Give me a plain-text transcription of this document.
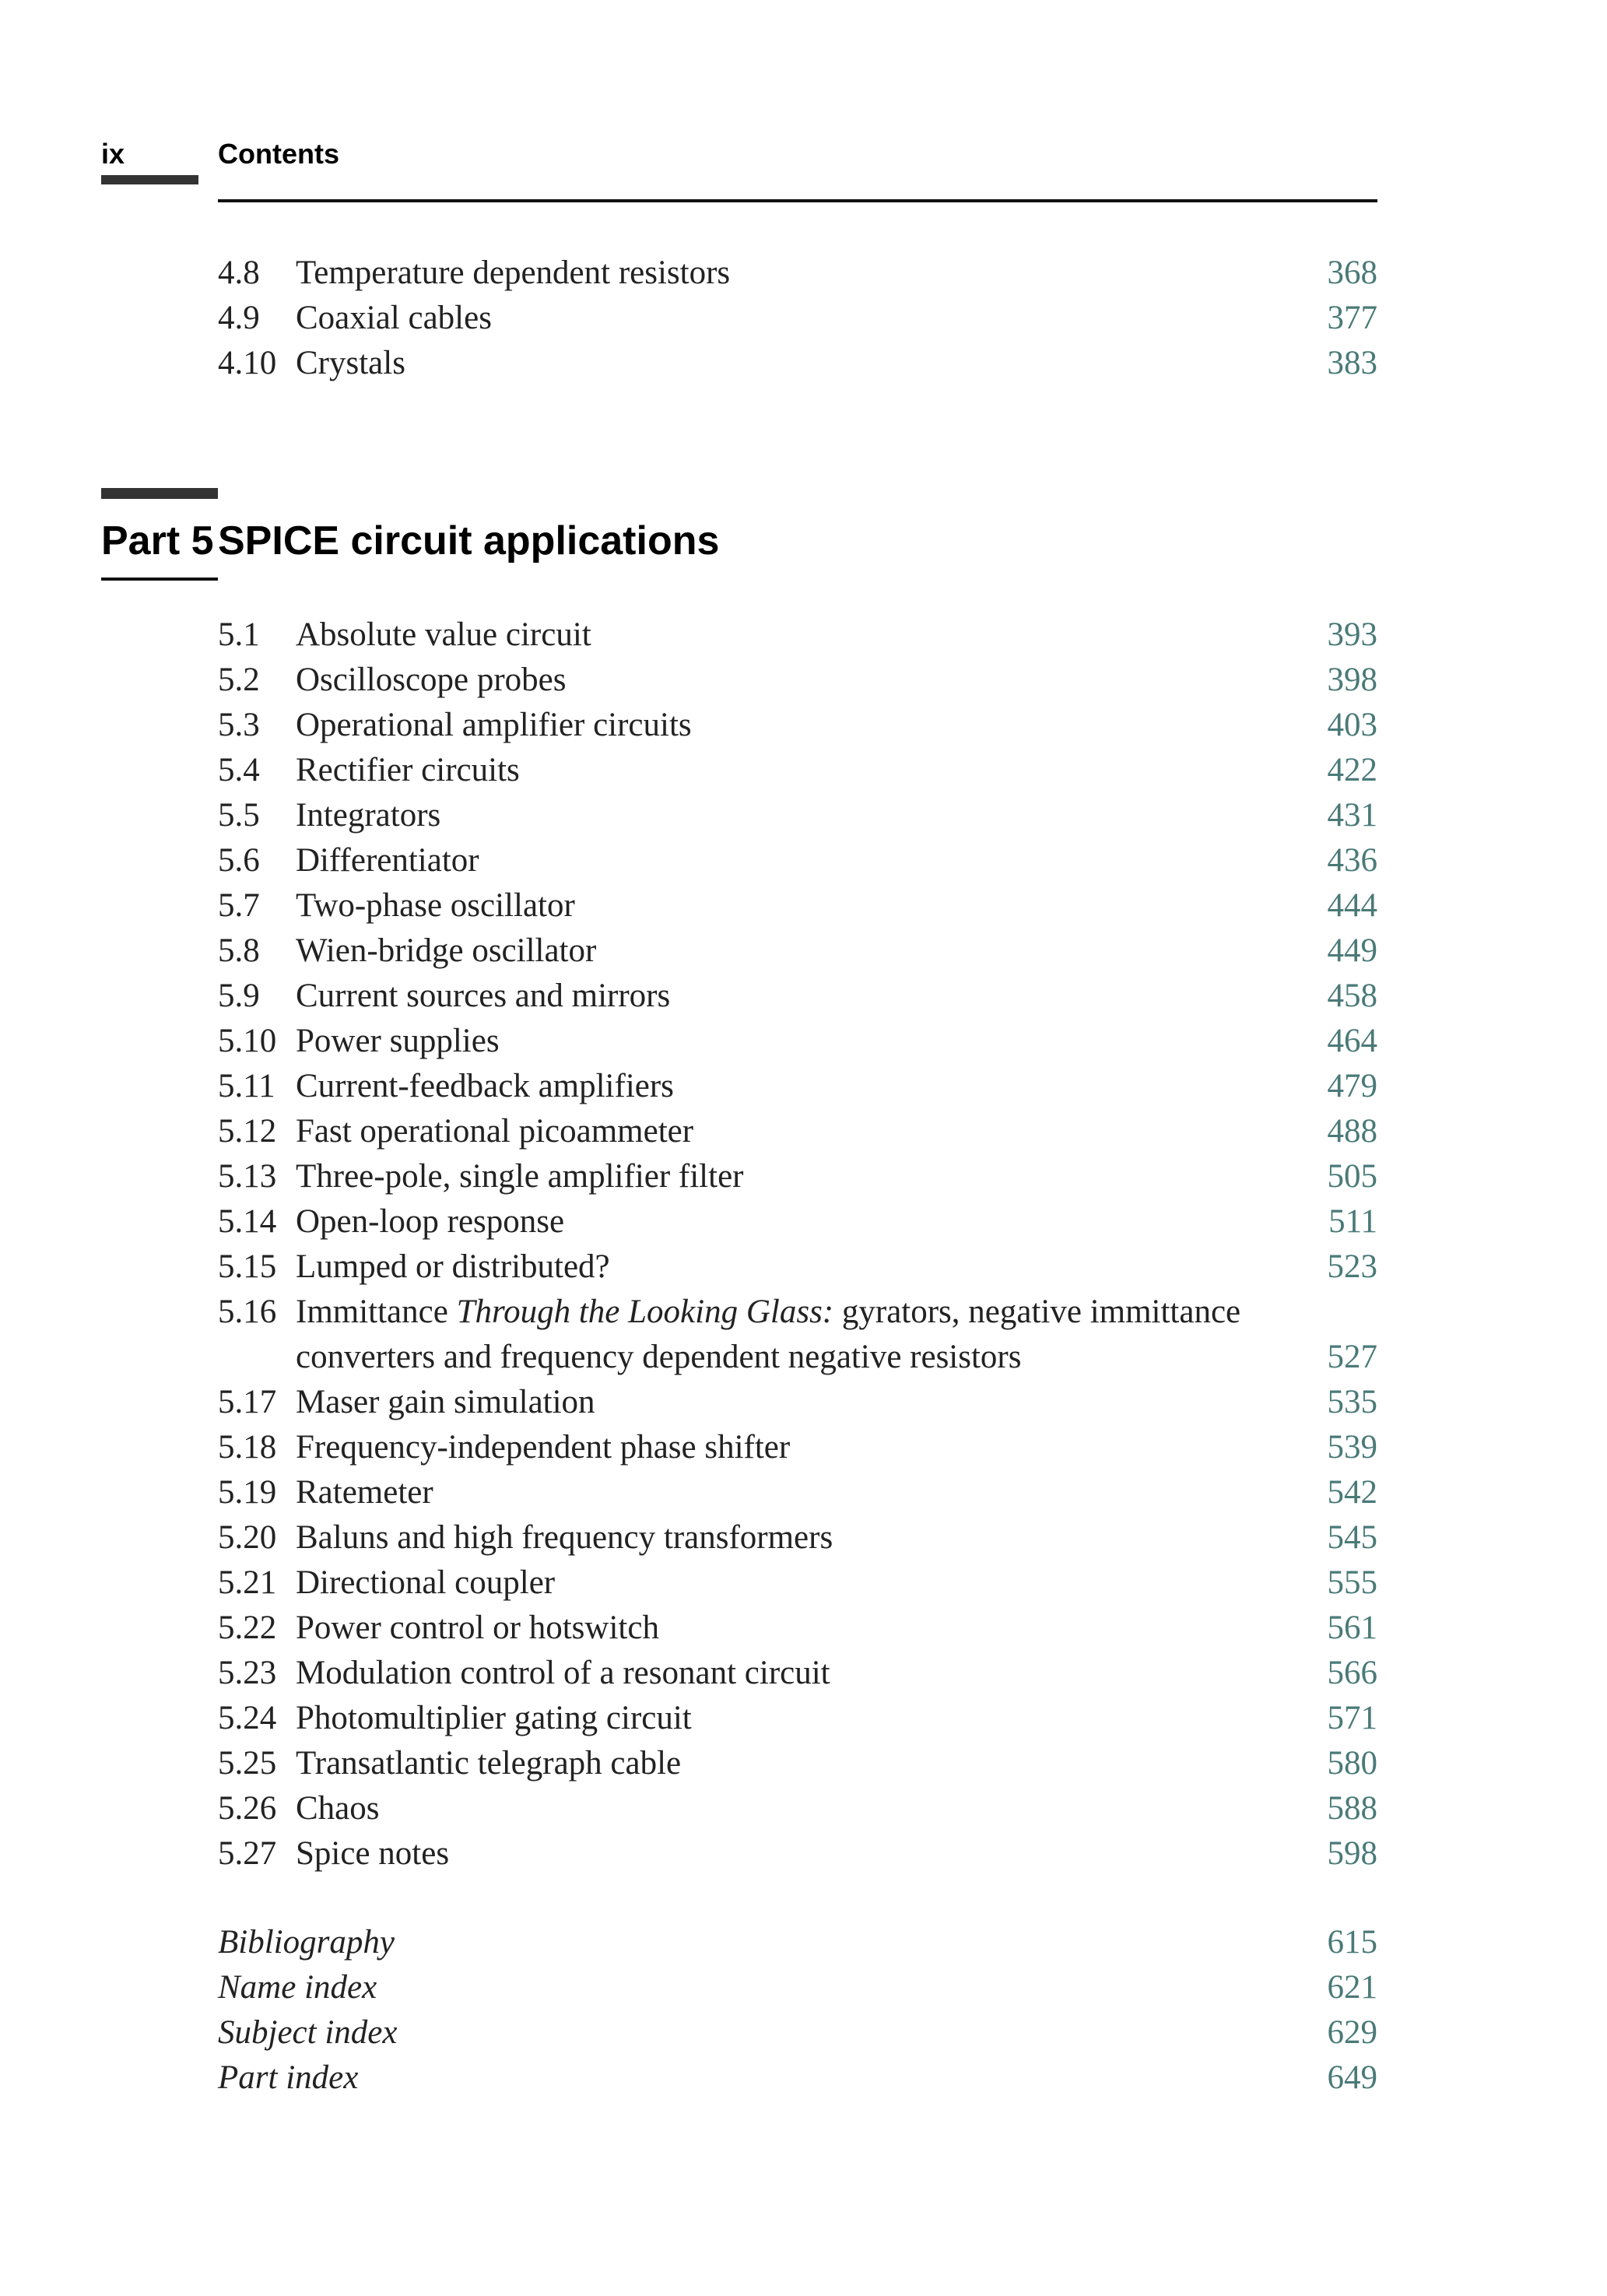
ix	Contents
4.8 Temperature dependent resistors	368
4.9 Coaxial cables	377
4.10 Crystals	383
Part 5 SPICE circuit applications
5.1 Absolute value circuit	393
5.2 Oscilloscope probes	398
5.3 Operational amplifier circuits	403
5.4 Rectifier circuits	422
5.5 Integrators	431
5.6 Differentiator	436
5.7 Two-phase oscillator	444
5.8 Wien-bridge oscillator	449
5.9 Current sources and mirrors	458
5.10 Power supplies	464
5.11 Current-feedback amplifiers	479
5.12 Fast operational picoammeter	488
5.13 Three-pole, single amplifier filter	505
5.14 Open-loop response	511
5.15 Lumped or distributed?	523
5.16 Immittance Through the Looking Glass: gyrators, negative immittance converters and frequency dependent negative resistors	527
5.17 Maser gain simulation	535
5.18 Frequency-independent phase shifter	539
5.19 Ratemeter	542
5.20 Baluns and high frequency transformers	545
5.21 Directional coupler	555
5.22 Power control or hotswitch	561
5.23 Modulation control of a resonant circuit	566
5.24 Photomultiplier gating circuit	571
5.25 Transatlantic telegraph cable	580
5.26 Chaos	588
5.27 Spice notes	598
Bibliography	615
Name index	621
Subject index	629
Part index	649
